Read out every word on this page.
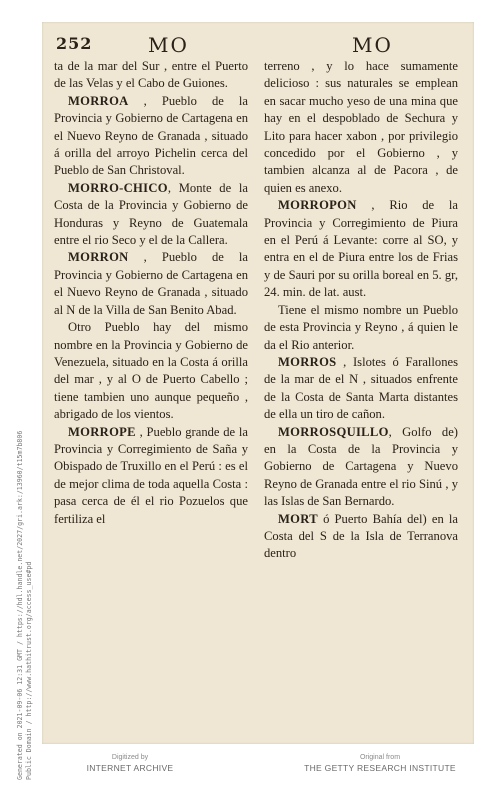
252	MO	MO

ta de la mar del Sur , entre el Puerto de las Velas y el Cabo de Guiones.

MORROA , Pueblo de la Provincia y Gobierno de Cartagena en el Nuevo Reyno de Granada , situado á orilla del arroyo Pichelin cerca del Pueblo de San Christoval.

MORRO-CHICO, Monte de la Costa de la Provincia y Gobierno de Honduras y Reyno de Guatemala entre el rio Seco y el de la Callera.

MORRON , Pueblo de la Provincia y Gobierno de Cartagena en el Nuevo Reyno de Granada , situado al N de la Villa de San Benito Abad.

Otro Pueblo hay del mismo nombre en la Provincia y Gobierno de Venezuela, situado en la Costa á orilla del mar , y al O de Puerto Cabello ; tiene tambien uno aunque pequeño , abrigado de los vientos.

MORROPE , Pueblo grande de la Provincia y Corregimiento de Saña y Obispado de Truxillo en el Perú : es el de mejor clima de toda aquella Costa : pasa cerca de él el rio Pozuelos que fertiliza el

terreno , y lo hace sumamente delicioso : sus naturales se emplean en sacar mucho yeso de una mina que hay en el despoblado de Sechura y Lito para hacer xabon , por privilegio concedido por el Gobierno , y tambien alcanza al de Pacora , de quien es anexo.

MORROPON , Rio de la Provincia y Corregimiento de Piura en el Perú á Levante: corre al SO, y entra en el de Piura entre los de Frias y de Sauri por su orilla boreal en 5. gr, 24. min. de lat. aust.

Tiene el mismo nombre un Pueblo de esta Provincia y Reyno , á quien le da el Rio anterior.

MORROS , Islotes ó Farallones de la mar de el N , situados enfrente de la Costa de Santa Marta distantes de ella un tiro de cañon.

MORROSQUILLO, Golfo de) en la Costa de la Provincia y Gobierno de Cartagena y Nuevo Reyno de Granada entre el rio Sinú , y las Islas de San Bernardo.

MORT ó Puerto Bahía del) en la Costa del S de la Isla de Terranova dentro

Generated on 2021-09-06 12:31 GMT / https://hdl.handle.net/2027/gri.ark:/13960/t15m7b806 Public Domain / http://www.hathitrust.org/access_use#pd	Digitized by
INTERNET ARCHIVE
Original from
THE GETTY RESEARCH INSTITUTE
